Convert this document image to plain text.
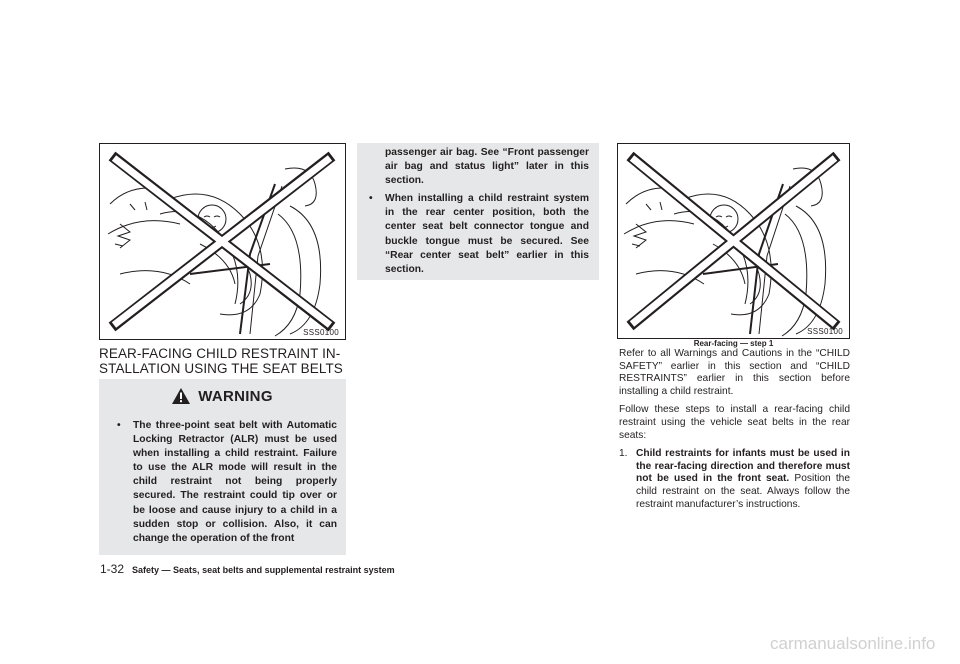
SSS0100
REAR-FACING CHILD RESTRAINT IN-
STALLATION USING THE SEAT BELTS
WARNING
• The three-point seat belt with Automatic Locking Retractor (ALR) must be used when installing a child restraint. Failure to use the ALR mode will result in the child restraint not being properly secured. The restraint could tip over or be loose and cause injury to a child in a sudden stop or collision. Also, it can change the operation of the front
passenger air bag. See “Front passenger air bag and status light” later in this section.
• When installing a child restraint system in the rear center position, both the center seat belt connector tongue and buckle tongue must be secured. See “Rear center seat belt” earlier in this section.
SSS0100
Rear-facing — step 1

Refer to all Warnings and Cautions in the “CHILD SAFETY” earlier in this section and “CHILD RESTRAINTS” earlier in this section before installing a child restraint.

Follow these steps to install a rear-facing child restraint using the vehicle seat belts in the rear seats:

1. Child restraints for infants must be used in the rear-facing direction and therefore must not be used in the front seat. Position the child restraint on the seat. Always follow the restraint manufacturer’s instructions.
1-32 Safety — Seats, seat belts and supplemental restraint system
carmanualsonline.info
